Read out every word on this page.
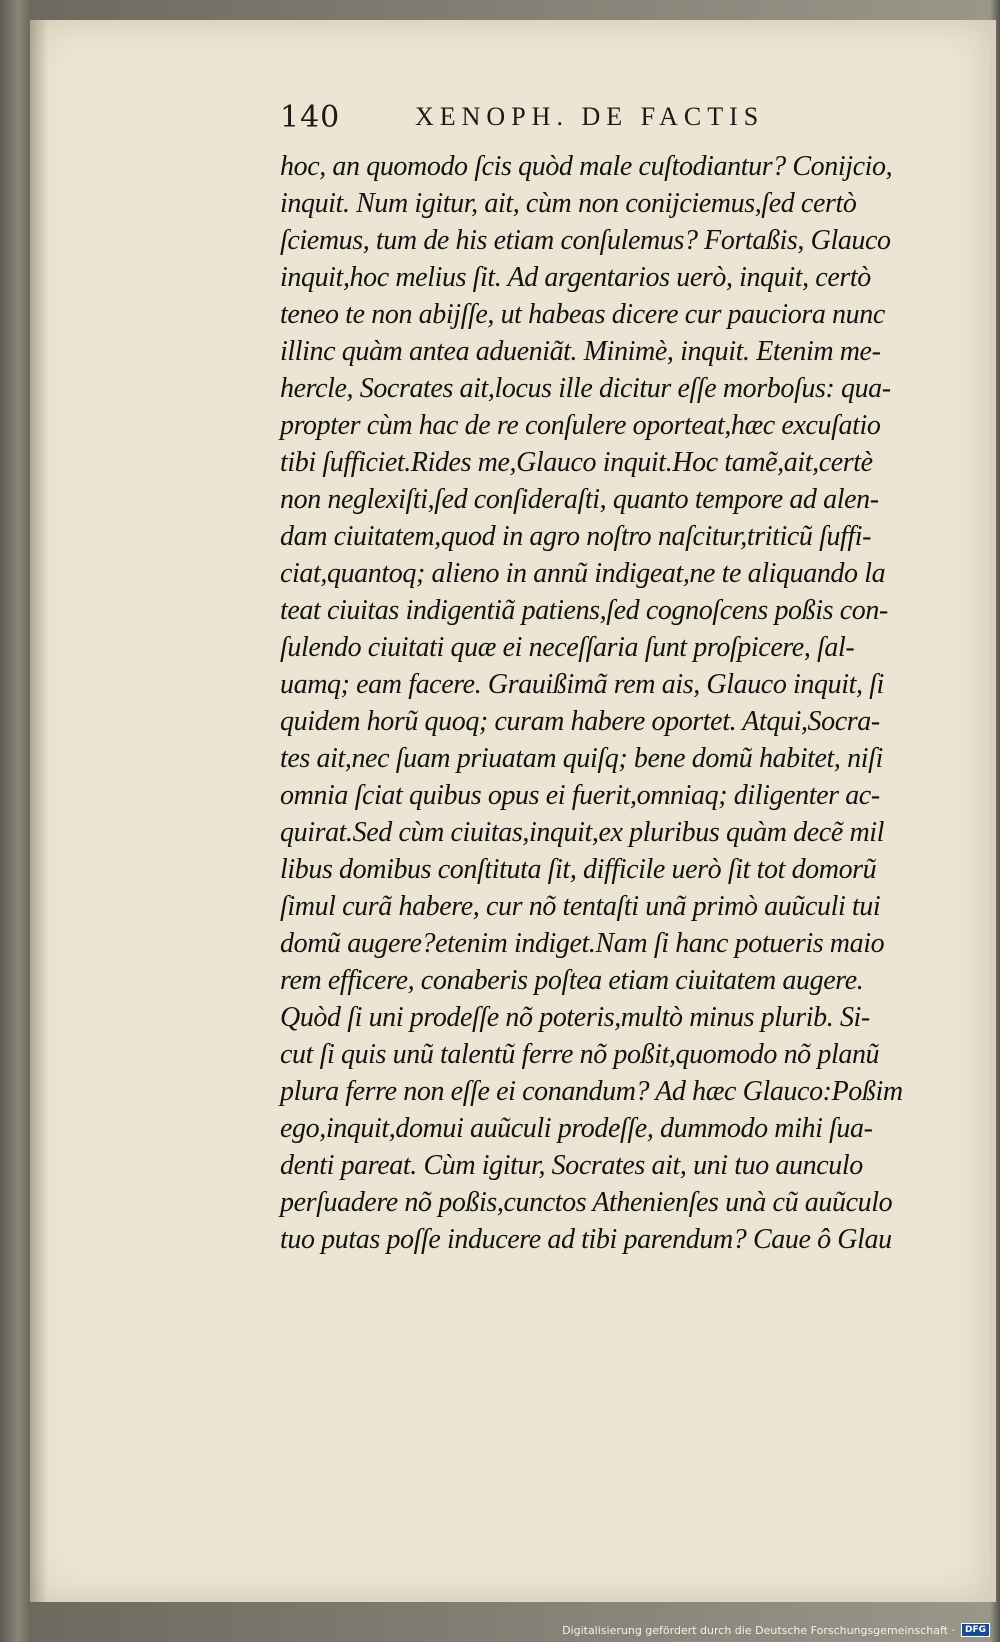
140	XENOPH. DE FACTIS
hoc, an quomodo ſcis quòd male cuſtodiantur? Conijcio,
inquit. Num igitur, ait, cùm non conijciemus,ſed certò
ſciemus, tum de his etiam conſulemus? Fortaßis, Glauco
inquit,hoc melius ſit. Ad argentarios uerò, inquit, certò
teneo te non abijſſe, ut habeas dicere cur pauciora nunc
illinc quàm antea adueniãt. Minimè, inquit. Etenim me-
hercle, Socrates ait,locus ille dicitur eſſe morboſus: qua-
propter cùm hac de re conſulere oporteat,hæc excuſatio
tibi ſufficiet.Rides me,Glauco inquit.Hoc tamẽ,ait,certè
non neglexiſti,ſed conſideraſti, quanto tempore ad alen-
dam ciuitatem,quod in agro noſtro naſcitur,triticũ ſuffi-
ciat,quantoq; alieno in annũ indigeat,ne te aliquando la
teat ciuitas indigentiã patiens,ſed cognoſcens poßis con-
ſulendo ciuitati quæ ei neceſſaria ſunt proſpicere, ſal-
uamq; eam facere. Grauißimã rem ais, Glauco inquit, ſi
quidem horũ quoq; curam habere oportet. Atqui,Socra-
tes ait,nec ſuam priuatam quiſq; bene domũ habitet, niſi
omnia ſciat quibus opus ei fuerit,omniaq; diligenter ac-
quirat.Sed cùm ciuitas,inquit,ex pluribus quàm decẽ mil
libus domibus conſtituta ſit, difficile uerò ſit tot domorũ
ſimul curã habere, cur nõ tentaſti unã primò auũculi tui
domũ augere?etenim indiget.Nam ſi hanc potueris maio
rem efficere, conaberis poſtea etiam ciuitatem augere.
Quòd ſi uni prodeſſe nõ poteris,multò minus plurib. Si-
cut ſi quis unũ talentũ ferre nõ poßit,quomodo nõ planũ
plura ferre non eſſe ei conandum? Ad hæc Glauco:Poßim
ego,inquit,domui auũculi prodeſſe, dummodo mihi ſua-
denti pareat. Cùm igitur, Socrates ait, uni tuo aunculo
perſuadere nõ poßis,cunctos Athenienſes unà cũ auũculo
tuo putas poſſe inducere ad tibi parendum? Caue ô Glau
Digitalisierung gefördert durch die Deutsche Forschungsgemeinschaft ·	DFG
